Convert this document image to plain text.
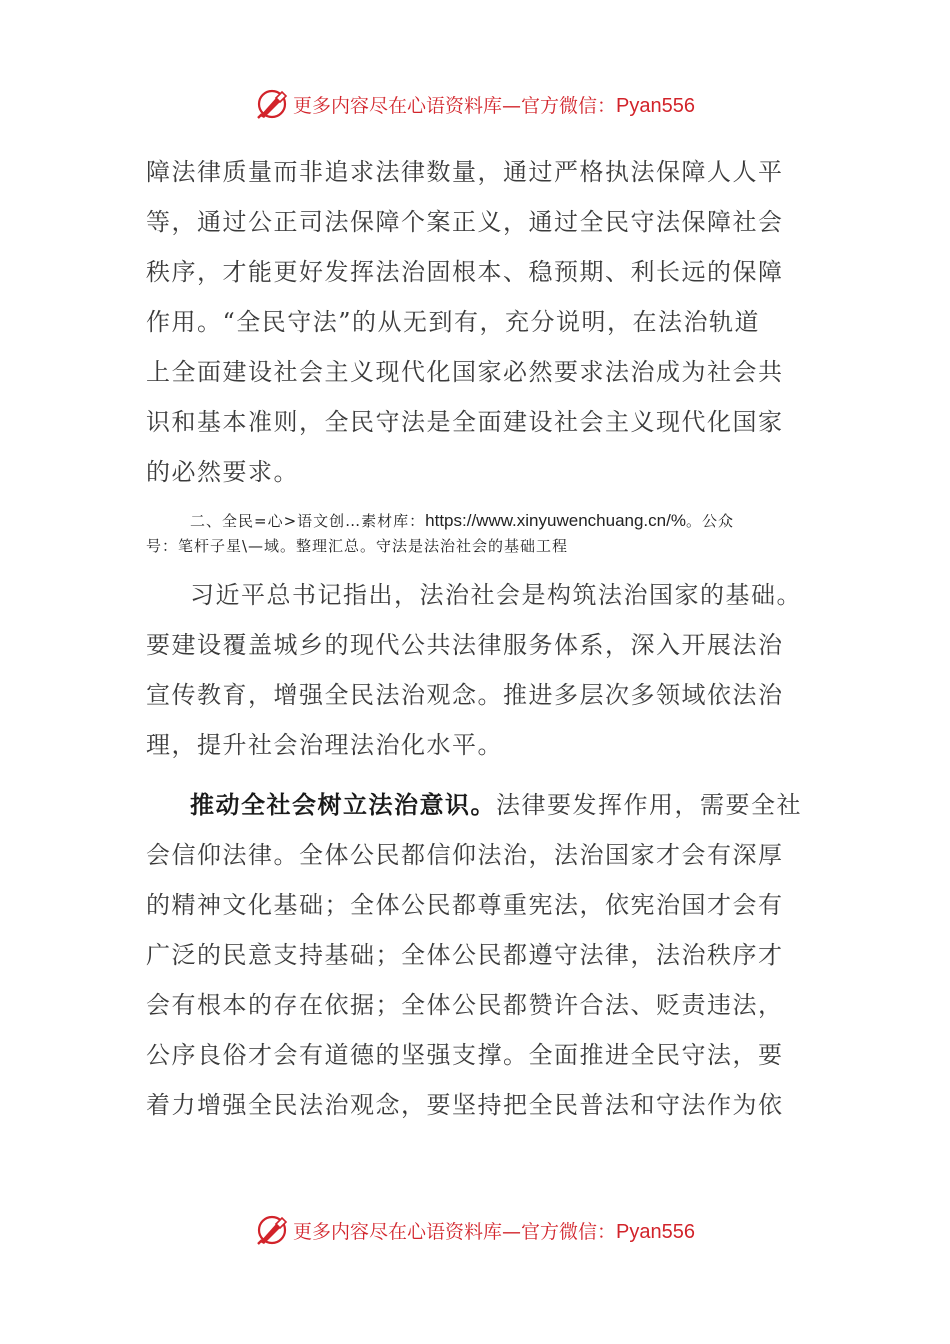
更多内容尽在心语资料库—官方微信：Pyan556
障法律质量而非追求法律数量，通过严格执法保障人人平
等，通过公正司法保障个案正义，通过全民守法保障社会
秩序，才能更好发挥法治固根本、稳预期、利长远的保障
作用。“全民守法”的从无到有，充分说明，在法治轨道
上全面建设社会主义现代化国家必然要求法治成为社会共
识和基本准则，全民守法是全面建设社会主义现代化国家
的必然要求。
二、全民=心>语文创…素材库：https://www.xinyuwenchuang.cn/%。公众
号：笔杆子星\—域。整理汇总。守法是法治社会的基础工程
习近平总书记指出，法治社会是构筑法治国家的基础。
要建设覆盖城乡的现代公共法律服务体系，深入开展法治
宣传教育，增强全民法治观念。推进多层次多领域依法治
理，提升社会治理法治化水平。
推动全社会树立法治意识。法律要发挥作用，需要全社
会信仰法律。全体公民都信仰法治，法治国家才会有深厚
的精神文化基础；全体公民都尊重宪法，依宪治国才会有
广泛的民意支持基础；全体公民都遵守法律，法治秩序才
会有根本的存在依据；全体公民都赞许合法、贬责违法，
公序良俗才会有道德的坚强支撑。全面推进全民守法，要
着力增强全民法治观念，要坚持把全民普法和守法作为依
更多内容尽在心语资料库—官方微信：Pyan556
